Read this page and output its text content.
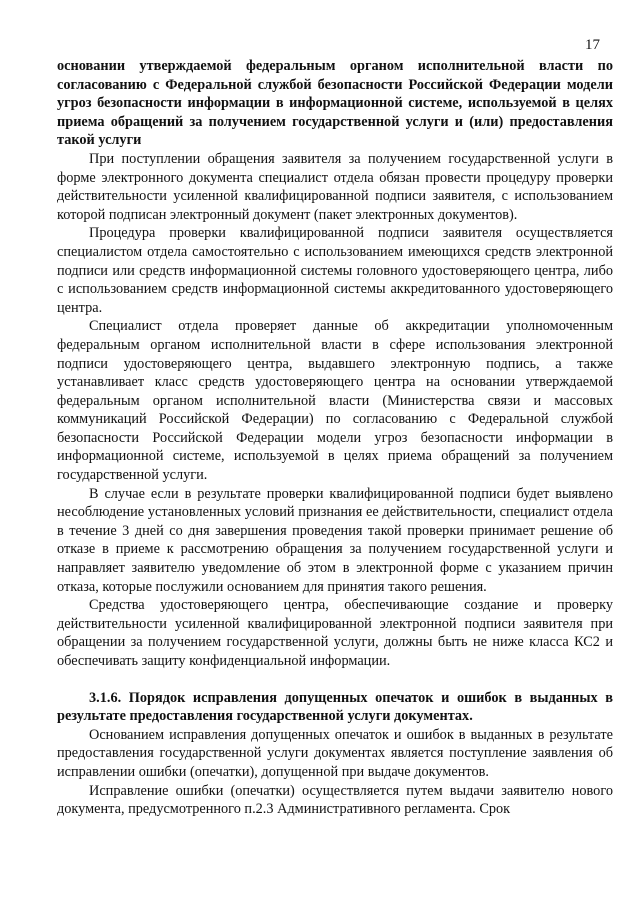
17

основании утверждаемой федеральным органом исполнительной власти по согласованию с Федеральной службой безопасности Российской Федерации модели угроз безопасности информации в информационной системе, используемой в целях приема обращений за получением государственной услуги и (или) предоставления такой услуги

При поступлении обращения заявителя за получением государственной услуги в форме электронного документа специалист отдела обязан провести процедуру проверки действительности усиленной квалифицированной подписи заявителя, с использованием которой подписан электронный документ (пакет электронных документов).

Процедура проверки квалифицированной подписи заявителя осуществляется специалистом отдела самостоятельно с использованием имеющихся средств электронной подписи или средств информационной системы головного удостоверяющего центра, либо с использованием средств информационной системы аккредитованного удостоверяющего центра.

Специалист отдела проверяет данные об аккредитации уполномоченным федеральным органом исполнительной власти в сфере использования электронной подписи удостоверяющего центра, выдавшего электронную подпись, а также устанавливает класс средств удостоверяющего центра на основании утверждаемой федеральным органом исполнительной власти (Министерства связи и массовых коммуникаций Российской Федерации) по согласованию с Федеральной службой безопасности Российской Федерации модели угроз безопасности информации в информационной системе, используемой в целях приема обращений за получением государственной услуги.

В случае если в результате проверки квалифицированной подписи будет выявлено несоблюдение установленных условий признания ее действительности, специалист отдела в течение 3 дней со дня завершения проведения такой проверки принимает решение об отказе в приеме к рассмотрению обращения за получением государственной услуги и направляет заявителю уведомление об этом в электронной форме с указанием причин отказа, которые послужили основанием для принятия такого решения.

Средства удостоверяющего центра, обеспечивающие создание и проверку действительности усиленной квалифицированной электронной подписи заявителя при обращении за получением государственной услуги, должны быть не ниже класса КС2 и обеспечивать защиту конфиденциальной информации.

3.1.6. Порядок исправления допущенных опечаток и ошибок в выданных в результате предоставления государственной услуги документах.

Основанием исправления допущенных опечаток и ошибок в выданных в результате предоставления государственной услуги документах является поступление заявления об исправлении ошибки (опечатки), допущенной при выдаче документов.

Исправление ошибки (опечатки) осуществляется путем выдачи заявителю нового документа, предусмотренного п.2.3 Административного регламента. Срок
